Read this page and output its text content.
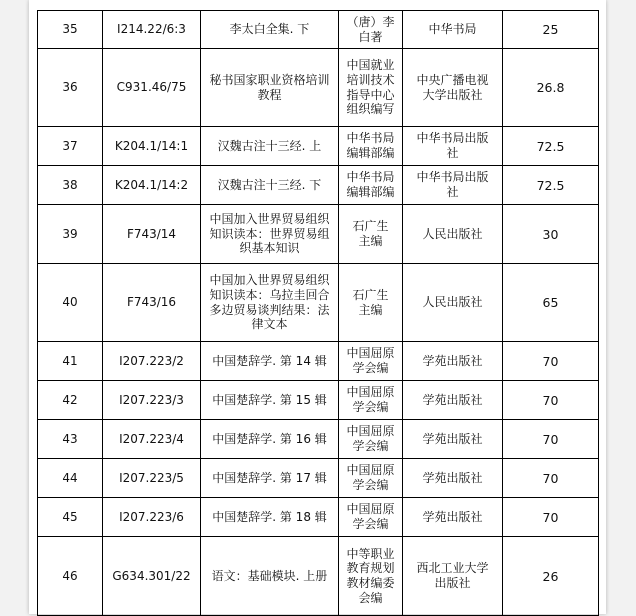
35	I214.22/6:3	李太白全集. 下	（唐）李
白著	中华书局	25
36	C931.46/75	秘书国家职业资格培训
教程	中国就业
培训技术
指导中心
组织编写	中央广播电视
大学出版社	26.8
37	K204.1/14:1	汉魏古注十三经. 上	中华书局
编辑部编	中华书局出版
社	72.5
38	K204.1/14:2	汉魏古注十三经. 下	中华书局
编辑部编	中华书局出版
社	72.5
39	F743/14	中国加入世界贸易组织
知识读本：世界贸易组
织基本知识	石广生
主编	人民出版社	30
40	F743/16	中国加入世界贸易组织
知识读本：乌拉圭回合
多边贸易谈判结果：法
律文本	石广生
主编	人民出版社	65
41	I207.223/2	中国楚辞学. 第 14 辑	中国屈原
学会编	学苑出版社	70
42	I207.223/3	中国楚辞学. 第 15 辑	中国屈原
学会编	学苑出版社	70
43	I207.223/4	中国楚辞学. 第 16 辑	中国屈原
学会编	学苑出版社	70
44	I207.223/5	中国楚辞学. 第 17 辑	中国屈原
学会编	学苑出版社	70
45	I207.223/6	中国楚辞学. 第 18 辑	中国屈原
学会编	学苑出版社	70
46	G634.301/22	语文：基础模块. 上册	中等职业
教育规划
教材编委
会编	西北工业大学
出版社	26
